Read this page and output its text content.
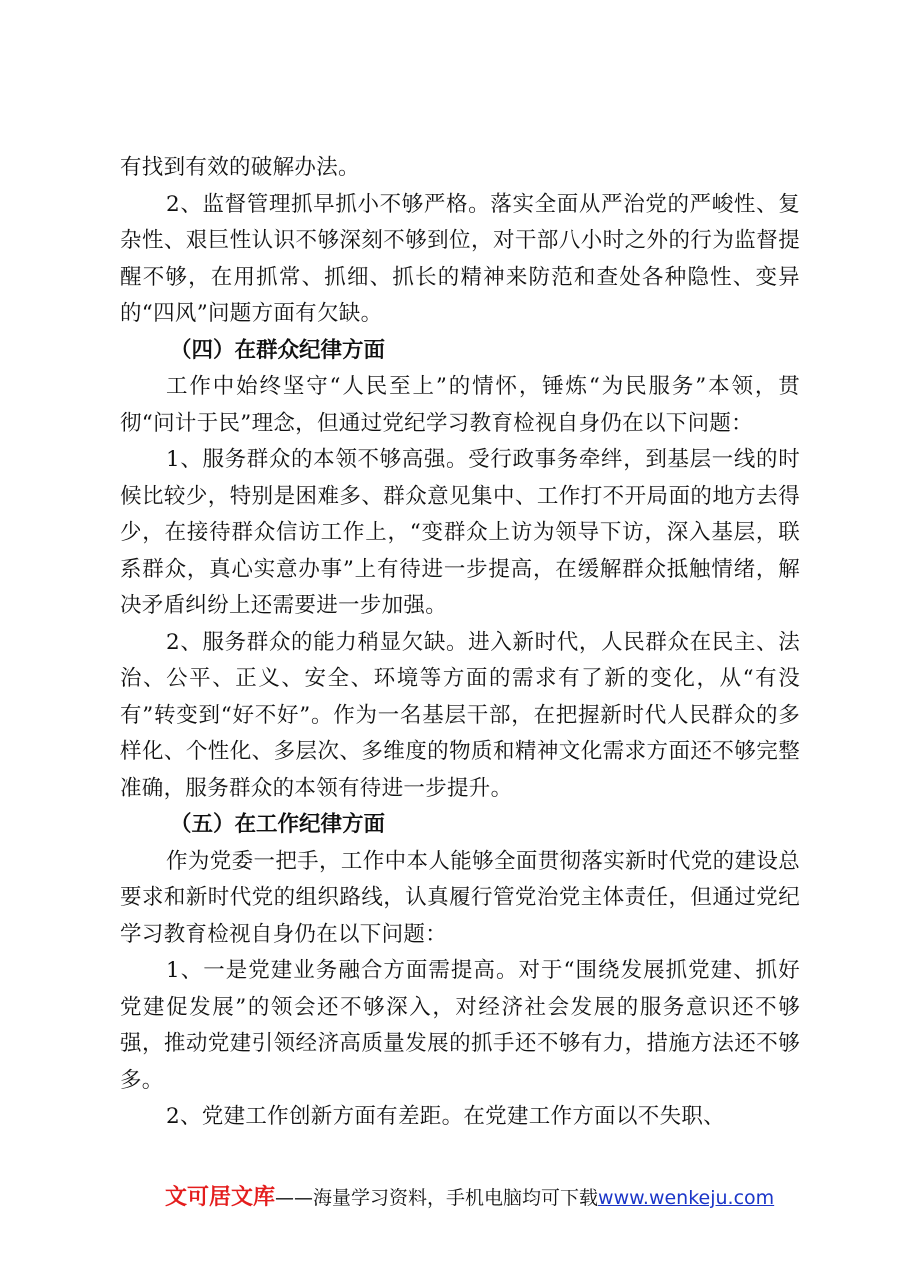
有找到有效的破解办法。

2、监督管理抓早抓小不够严格。落实全面从严治党的严峻性、复杂性、艰巨性认识不够深刻不够到位，对干部八小时之外的行为监督提醒不够，在用抓常、抓细、抓长的精神来防范和查处各种隐性、变异的“四风”问题方面有欠缺。

（四）在群众纪律方面

工作中始终坚守“人民至上”的情怀，锤炼“为民服务”本领，贯彻“问计于民”理念，但通过党纪学习教育检视自身仍在以下问题：

1、服务群众的本领不够高强。受行政事务牵绊，到基层一线的时候比较少，特别是困难多、群众意见集中、工作打不开局面的地方去得少，在接待群众信访工作上，“变群众上访为领导下访，深入基层，联系群众，真心实意办事”上有待进一步提高，在缓解群众抵触情绪，解决矛盾纠纷上还需要进一步加强。

2、服务群众的能力稍显欠缺。进入新时代，人民群众在民主、法治、公平、正义、安全、环境等方面的需求有了新的变化，从“有没有”转变到“好不好”。作为一名基层干部，在把握新时代人民群众的多样化、个性化、多层次、多维度的物质和精神文化需求方面还不够完整准确，服务群众的本领有待进一步提升。

（五）在工作纪律方面

作为党委一把手，工作中本人能够全面贯彻落实新时代党的建设总要求和新时代党的组织路线，认真履行管党治党主体责任，但通过党纪学习教育检视自身仍在以下问题：

1、一是党建业务融合方面需提高。对于“围绕发展抓党建、抓好党建促发展”的领会还不够深入，对经济社会发展的服务意识还不够强，推动党建引领经济高质量发展的抓手还不够有力，措施方法还不够多。

2、党建工作创新方面有差距。在党建工作方面以不失职、

文可居文库——海量学习资料，手机电脑均可下载www.wenkeju.com
